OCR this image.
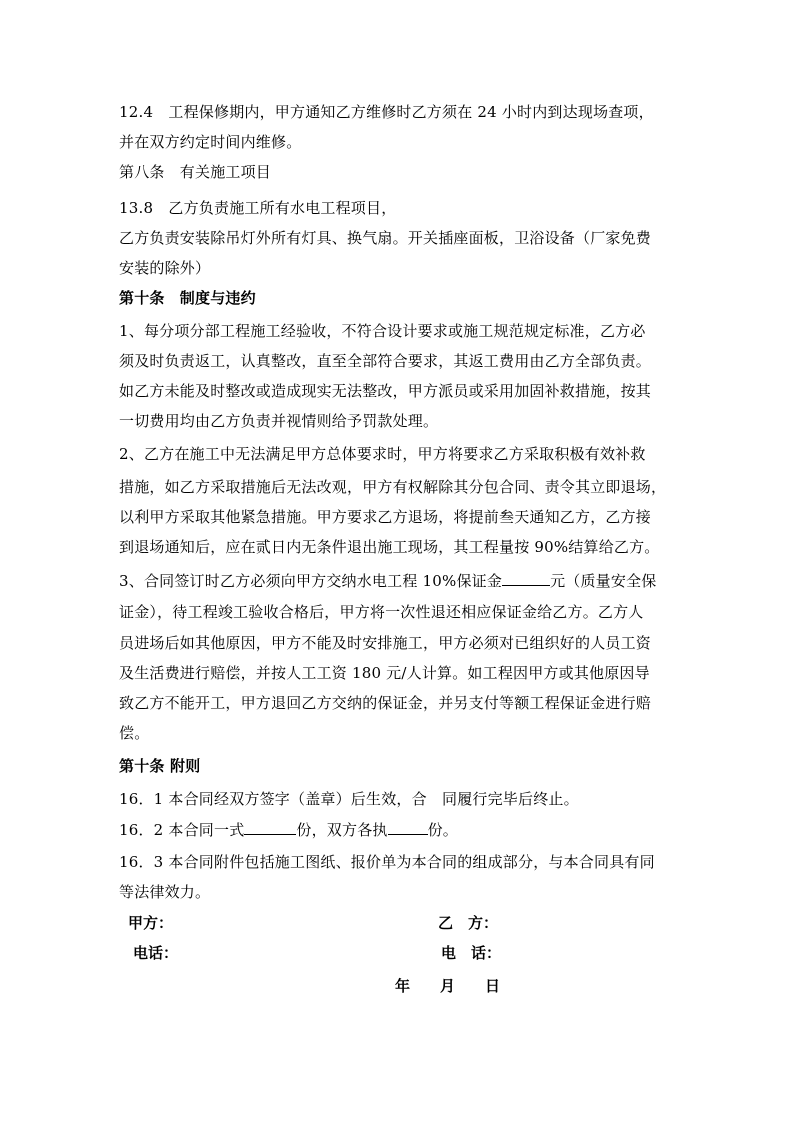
12.4　工程保修期内，甲方通知乙方维修时乙方须在 24 小时内到达现场查项，
并在双方约定时间内维修。
第八条　有关施工项目
13.8　乙方负责施工所有水电工程项目，
乙方负责安装除吊灯外所有灯具、换气扇。开关插座面板，卫浴设备（厂家免费
安装的除外）
第十条　制度与违约
1、每分项分部工程施工经验收，不符合设计要求或施工规范规定标准，乙方必
须及时负责返工，认真整改，直至全部符合要求，其返工费用由乙方全部负责。
如乙方未能及时整改或造成现实无法整改，甲方派员或采用加固补救措施，按其
一切费用均由乙方负责并视情则给予罚款处理。
2、乙方在施工中无法满足甲方总体要求时，甲方将要求乙方采取积极有效补救
措施，如乙方采取措施后无法改观，甲方有权解除其分包合同、责令其立即退场，
以利甲方采取其他紧急措施。甲方要求乙方退场，将提前叁天通知乙方，乙方接
到退场通知后，应在贰日内无条件退出施工现场，其工程量按 90%结算给乙方。
3、合同签订时乙方必须向甲方交纳水电工程 10%保证金	元（质量安全保
证金），待工程竣工验收合格后，甲方将一次性退还相应保证金给乙方。乙方人
员进场后如其他原因，甲方不能及时安排施工，甲方必须对已组织好的人员工资
及生活费进行赔偿，并按人工工资 180 元/人计算。如工程因甲方或其他原因导
致乙方不能开工，甲方退回乙方交纳的保证金，并另支付等额工程保证金进行赔
偿。
第十条 附则
16．1 本合同经双方签字（盖章）后生效，合　同履行完毕后终止。
16．2 本合同一式	份，双方各执	份。
16．3 本合同附件包括施工图纸、报价单为本合同的组成部分，与本合同具有同
等法律效力。
甲方：	乙　方：
电话：	电　话：
年　　月　　日
